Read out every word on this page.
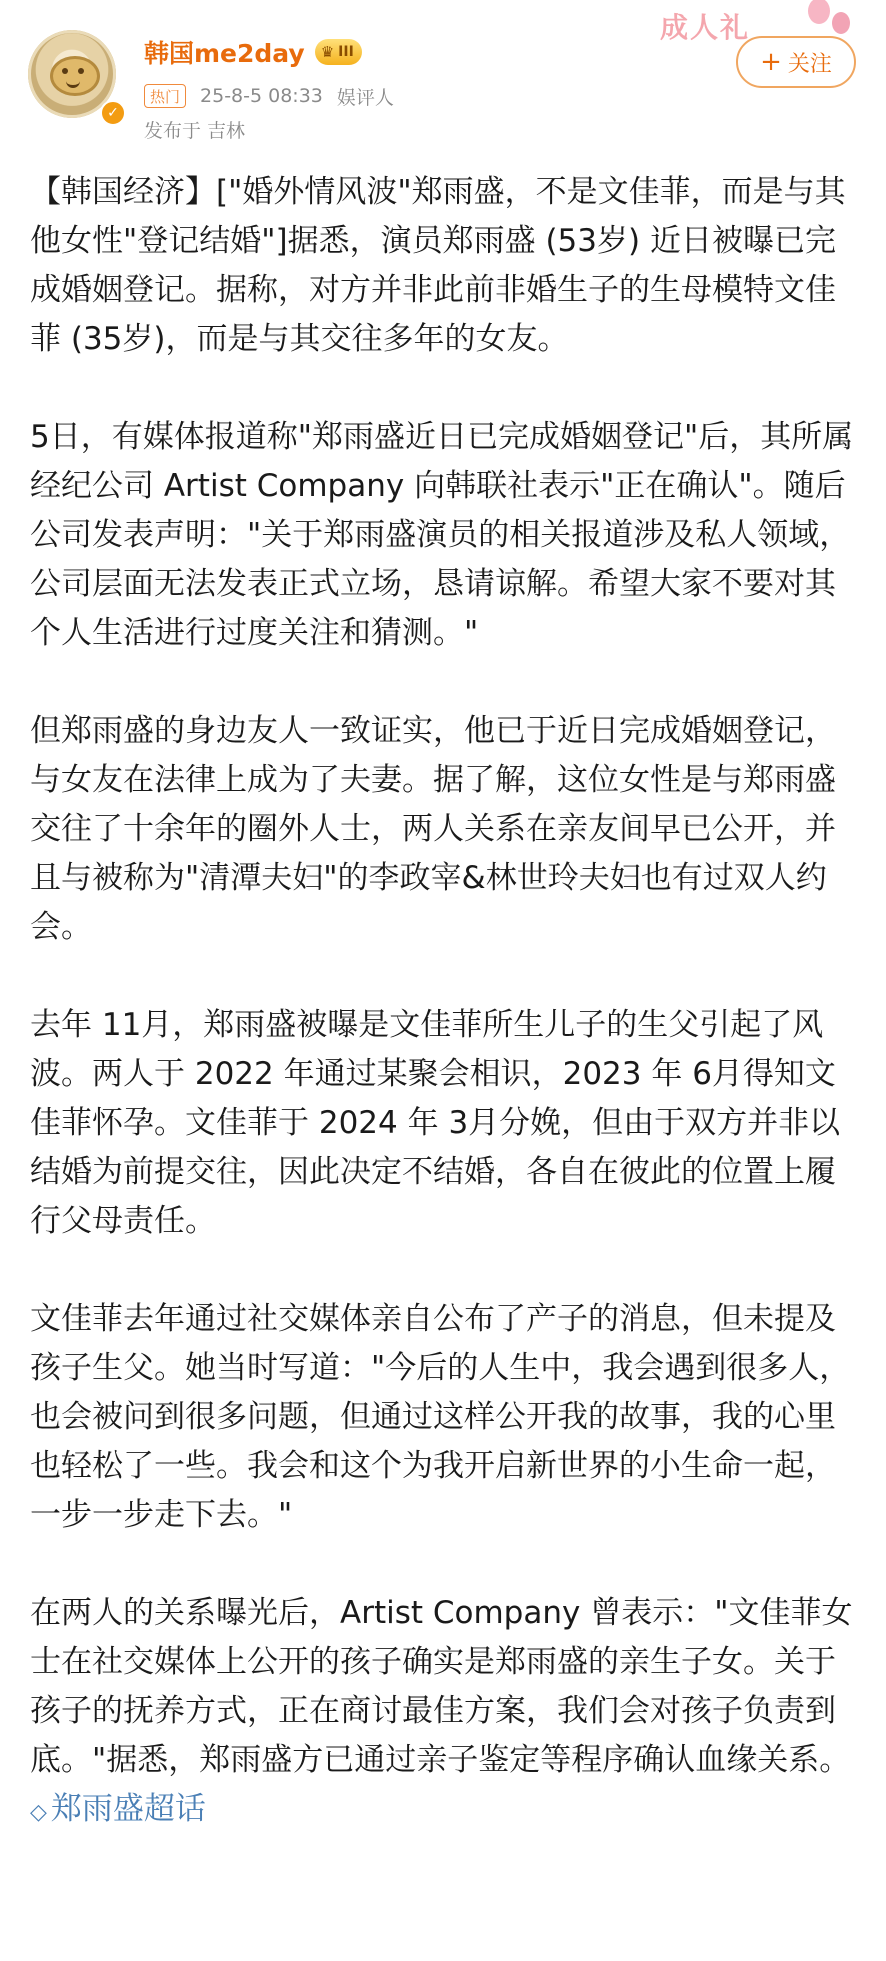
✓
韩国me2day ♛ III
热门	25-8-5 08:33 娱评人
发布于 吉林
成人礼
+ 关注

【韩国经济】["婚外情风波"郑雨盛，不是文佳菲，而是与其他女性"登记结婚"]据悉，演员郑雨盛 (53岁) 近日被曝已完成婚姻登记。据称，对方并非此前非婚生子的生母模特文佳菲 (35岁)，而是与其交往多年的女友。

5日，有媒体报道称"郑雨盛近日已完成婚姻登记"后，其所属经纪公司 Artist Company 向韩联社表示"正在确认"。随后公司发表声明："关于郑雨盛演员的相关报道涉及私人领域，公司层面无法发表正式立场，恳请谅解。希望大家不要对其个人生活进行过度关注和猜测。"

但郑雨盛的身边友人一致证实，他已于近日完成婚姻登记，与女友在法律上成为了夫妻。据了解，这位女性是与郑雨盛交往了十余年的圈外人士，两人关系在亲友间早已公开，并且与被称为"清潭夫妇"的李政宰&林世玲夫妇也有过双人约会。

去年 11月，郑雨盛被曝是文佳菲所生儿子的生父引起了风波。两人于 2022 年通过某聚会相识，2023 年 6月得知文佳菲怀孕。文佳菲于 2024 年 3月分娩，但由于双方并非以结婚为前提交往，因此决定不结婚，各自在彼此的位置上履行父母责任。

文佳菲去年通过社交媒体亲自公布了产子的消息，但未提及孩子生父。她当时写道："今后的人生中，我会遇到很多人，也会被问到很多问题，但通过这样公开我的故事，我的心里也轻松了一些。我会和这个为我开启新世界的小生命一起，一步一步走下去。"

在两人的关系曝光后，Artist Company 曾表示："文佳菲女士在社交媒体上公开的孩子确实是郑雨盛的亲生子女。关于孩子的抚养方式，正在商讨最佳方案，我们会对孩子负责到底。"据悉，郑雨盛方已通过亲子鉴定等程序确认血缘关系。◇ 郑雨盛超话
